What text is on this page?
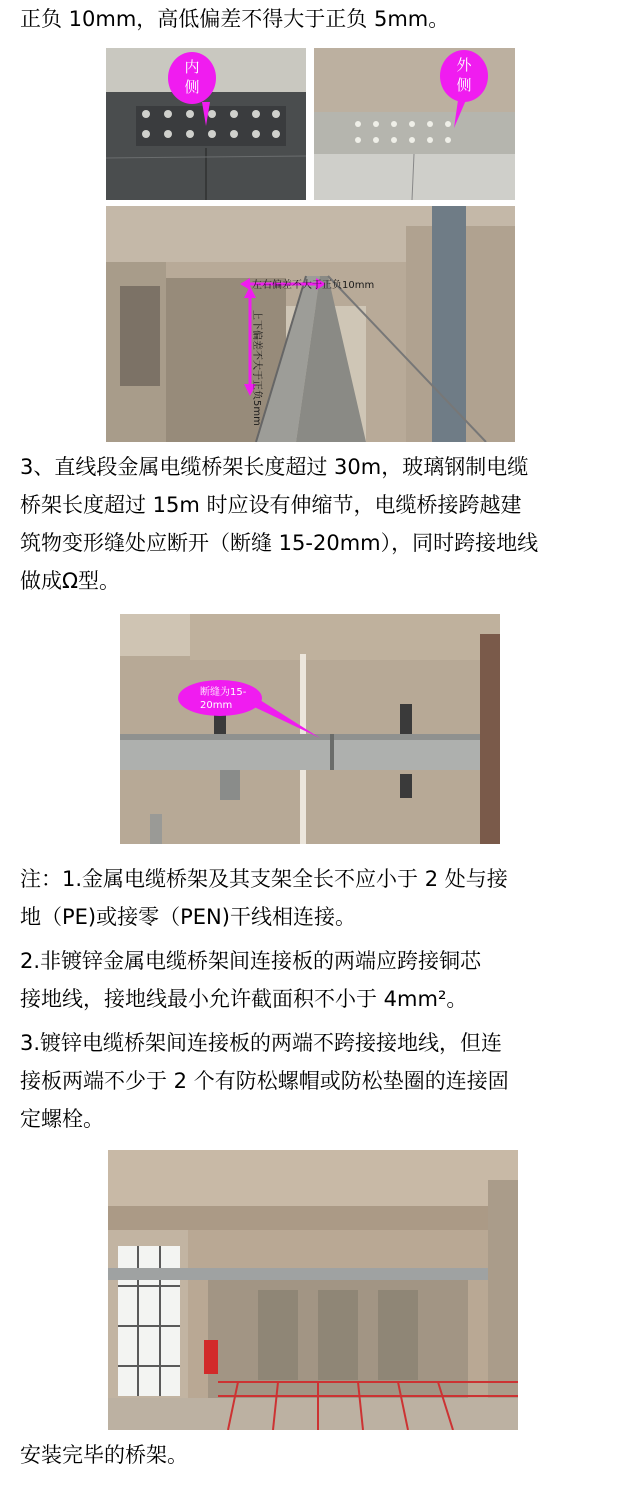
正负 10mm，高低偏差不得大于正负 5mm。
内
侧
外
侧
左右偏差不大于正负10mm
上下偏差不大于正负5mm
3、直线段金属电缆桥架长度超过 30m，玻璃钢制电缆
桥架长度超过 15m 时应设有伸缩节，电缆桥接跨越建
筑物变形缝处应断开（断缝 15-20mm），同时跨接地线
做成Ω型。
断缝为15-
20mm
注：1.金属电缆桥架及其支架全长不应小于 2 处与接
地（PE)或接零（PEN)干线相连接。
2.非镀锌金属电缆桥架间连接板的两端应跨接铜芯
接地线，接地线最小允许截面积不小于 4mm²。
3.镀锌电缆桥架间连接板的两端不跨接接地线，但连
接板两端不少于 2 个有防松螺帽或防松垫圈的连接固
定螺栓。
安装完毕的桥架。
